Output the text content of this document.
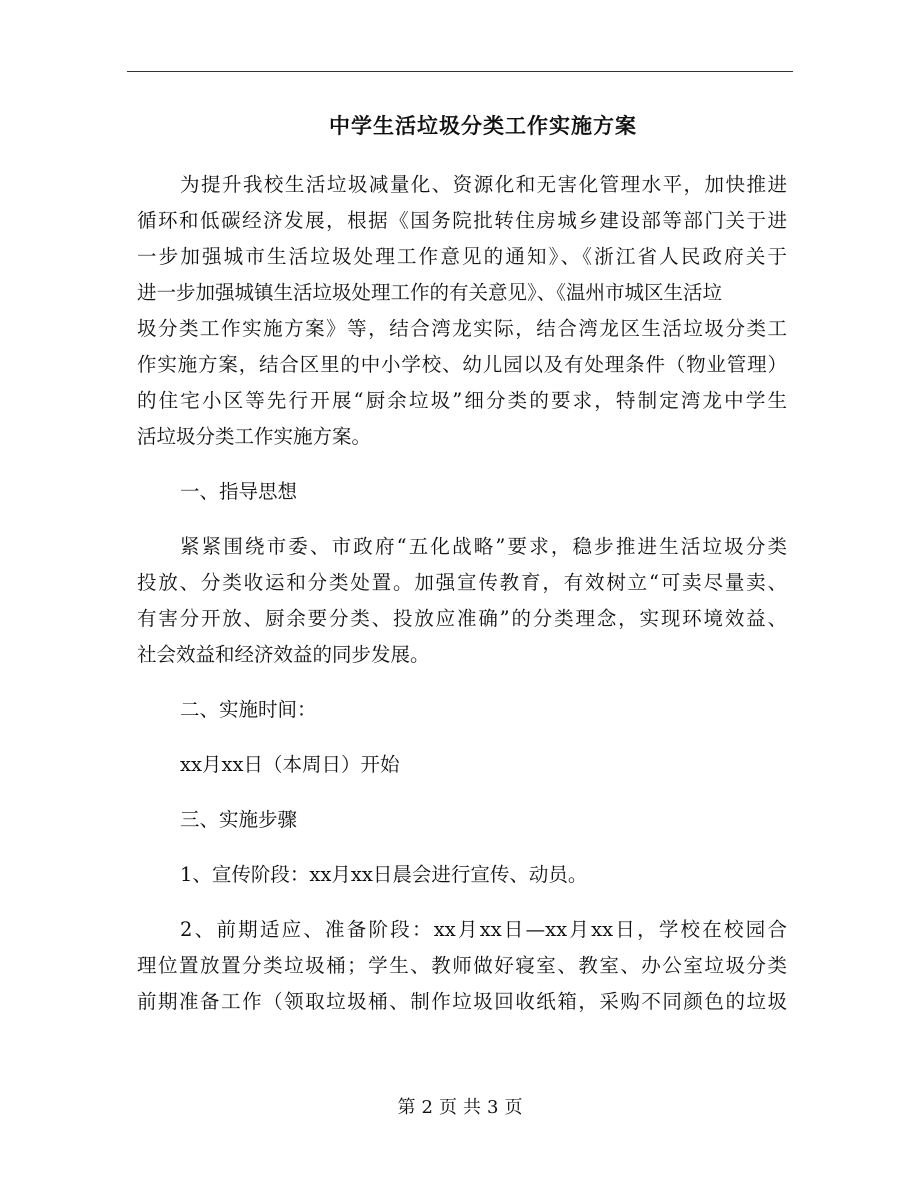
中学生活垃圾分类工作实施方案
为提升我校生活垃圾减量化、资源化和无害化管理水平，加快推进
循环和低碳经济发展，根据《国务院批转住房城乡建设部等部门关于进
一步加强城市生活垃圾处理工作意见的通知》、《浙江省人民政府关于
进一步加强城镇生活垃圾处理工作的有关意见》、《温州市城区生活垃
圾分类工作实施方案》等，结合湾龙实际，结合湾龙区生活垃圾分类工
作实施方案，结合区里的中小学校、幼儿园以及有处理条件（物业管理）
的住宅小区等先行开展“厨余垃圾”细分类的要求，特制定湾龙中学生
活垃圾分类工作实施方案。
一、指导思想
紧紧围绕市委、市政府“五化战略”要求，稳步推进生活垃圾分类
投放、分类收运和分类处置。加强宣传教育，有效树立“可卖尽量卖、
有害分开放、厨余要分类、投放应准确”的分类理念，实现环境效益、
社会效益和经济效益的同步发展。
二、实施时间：
xx月xx日（本周日）开始
三、实施步骤
1、宣传阶段：xx月xx日晨会进行宣传、动员。
2、前期适应、准备阶段：xx月xx日—xx月xx日，学校在校园合
理位置放置分类垃圾桶；学生、教师做好寝室、教室、办公室垃圾分类
前期准备工作（领取垃圾桶、制作垃圾回收纸箱，采购不同颜色的垃圾
第 2 页 共 3 页
